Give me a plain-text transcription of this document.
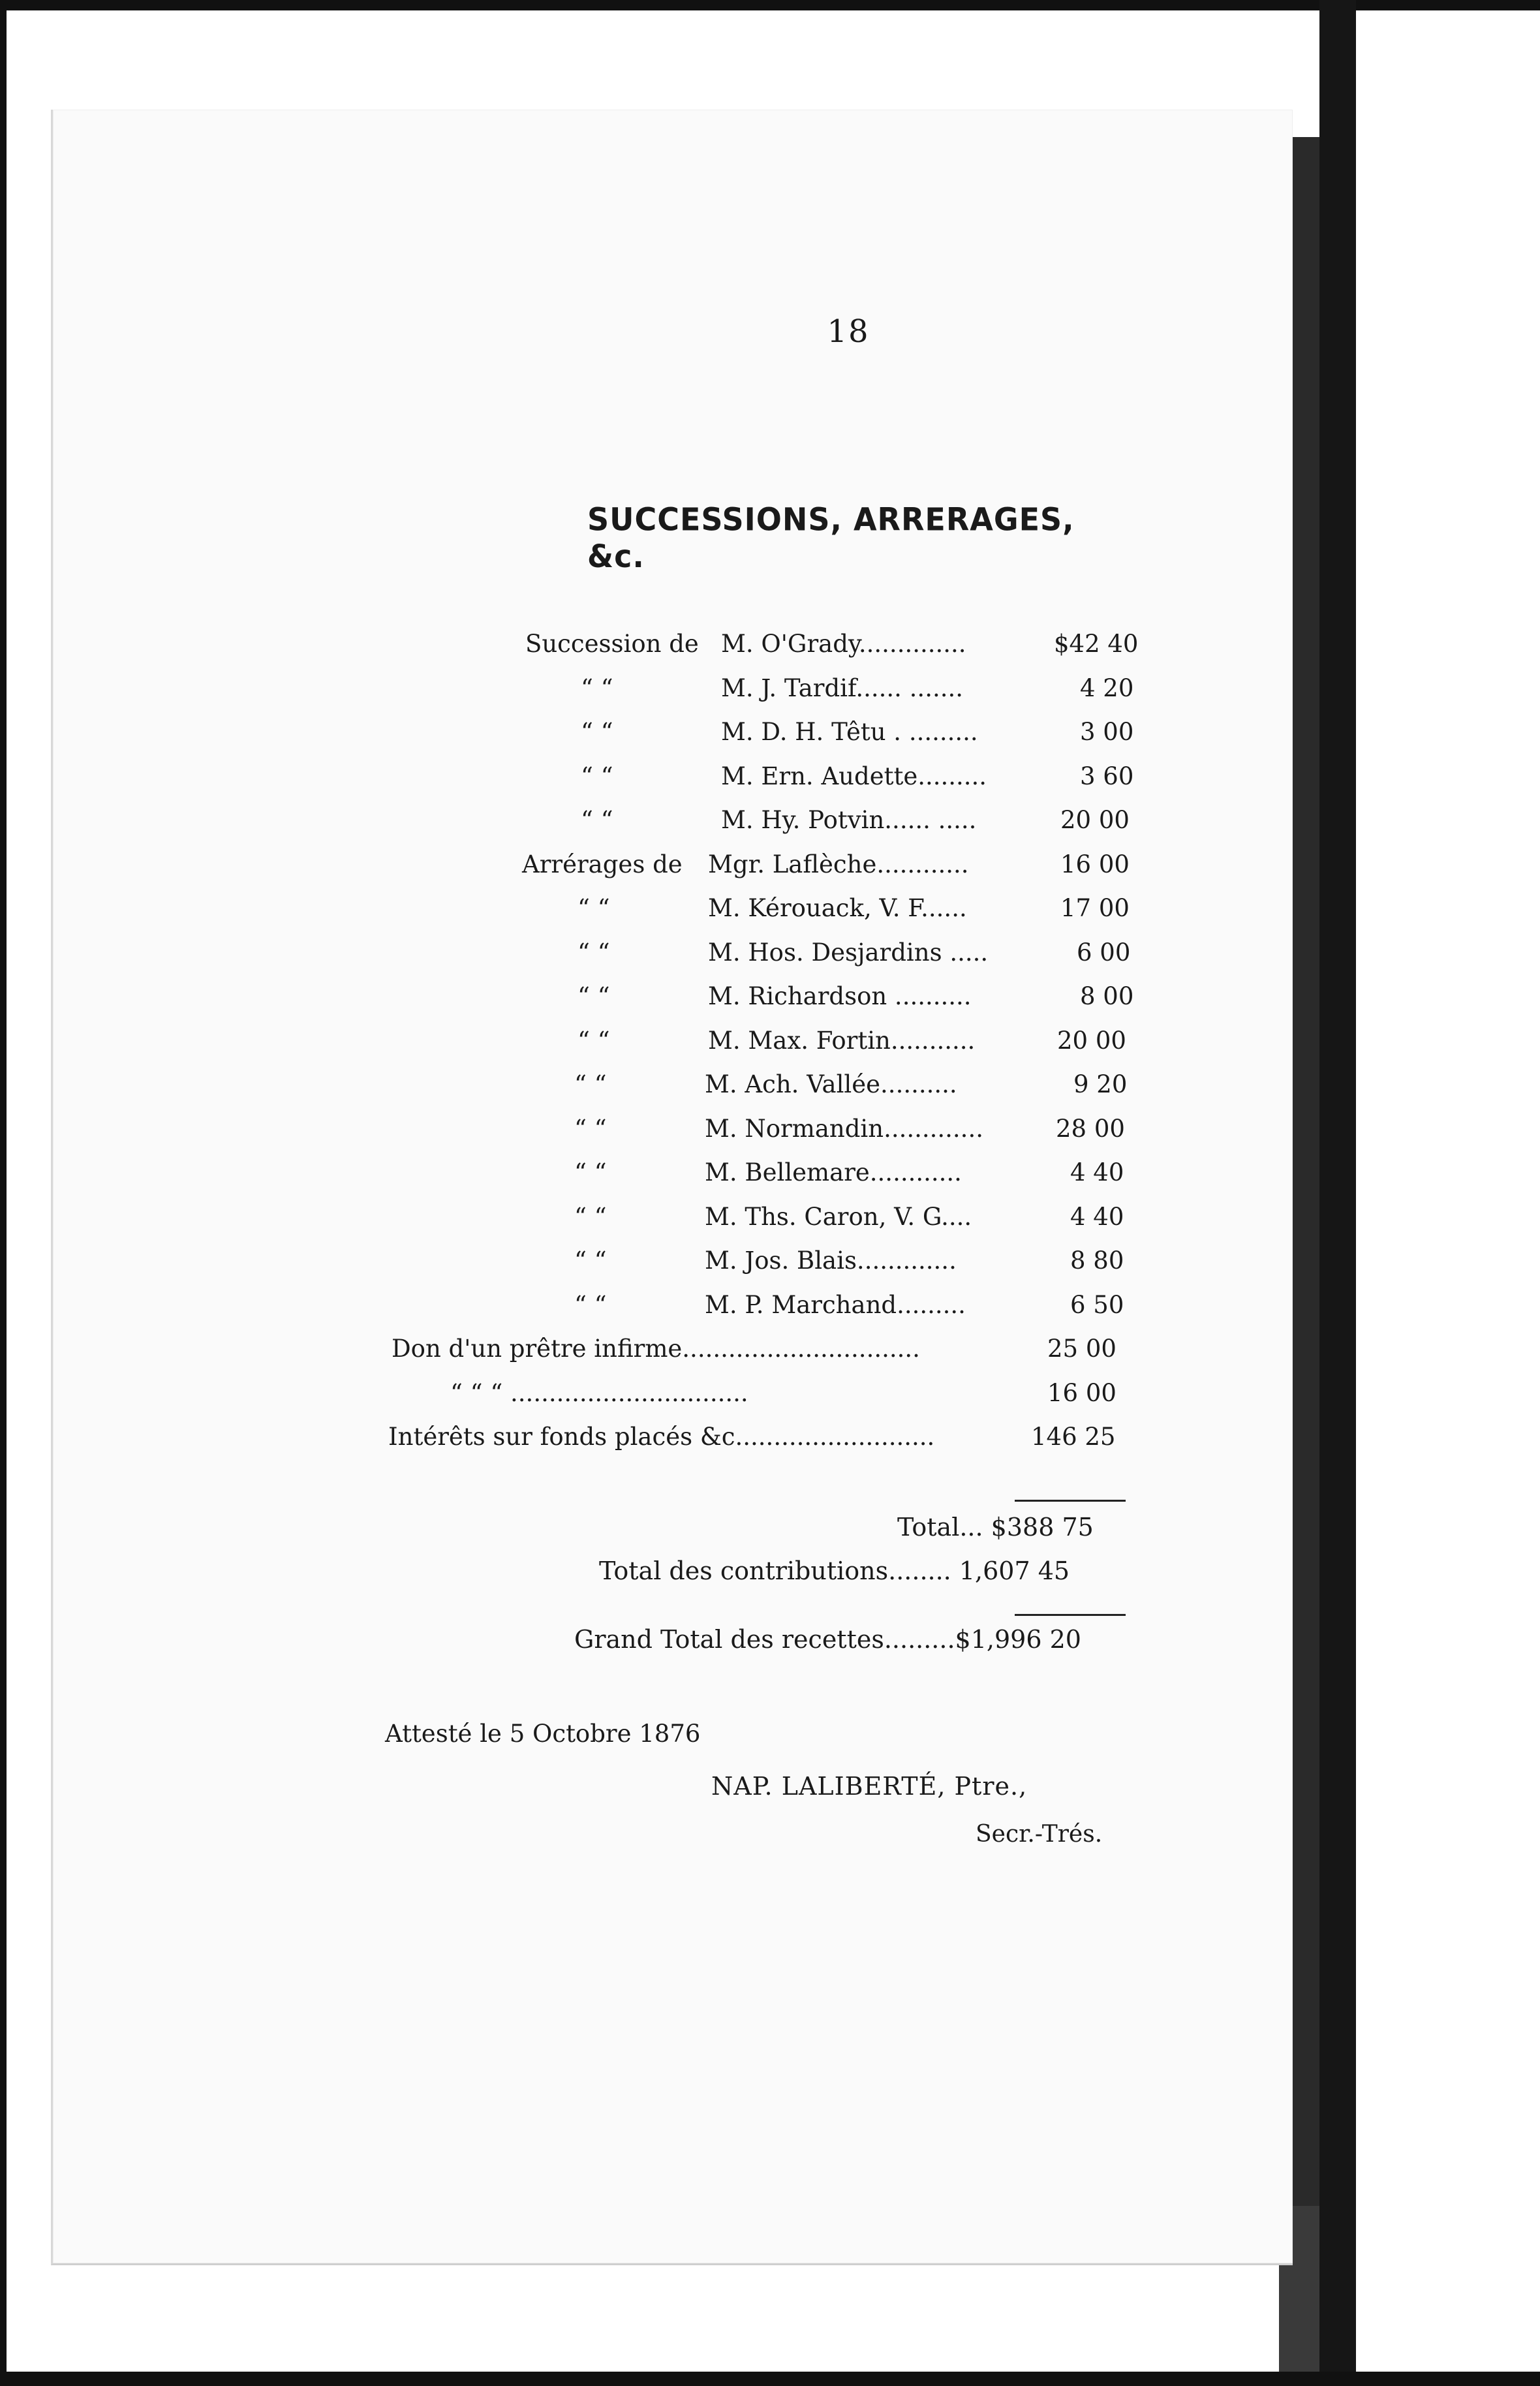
18
SUCCESSIONS, ARRERAGES, &c.
Succession de M. O'Grady..............	$42 40
“ “	M. J. Tardif...... .......	4 20
“ “	M. D. H. Têtu . .........	3 00
“ “	M. Ern. Audette.........	3 60
“ “	M. Hy. Potvin...... .....	20 00
Arrérages de Mgr. Laflèche............	16 00
“ “	M. Kérouack, V. F......	17 00
“ “	M. Hos. Desjardins .....	6 00
“ “	M. Richardson ..........	8 00
“ “	M. Max. Fortin...........	20 00
“ “	M. Ach. Vallée..........	9 20
“ “	M. Normandin.............	28 00
“ “	M. Bellemare............	4 40
“ “	M. Ths. Caron, V. G....	4 40
“ “	M. Jos. Blais.............	8 80
“ “	M. P. Marchand.........	6 50
Don d'un prêtre infirme...............................	25 00
“ “ “ ...............................	16 00
Intérêts sur fonds placés &c..........................	146 25
Total... $388 75
Total des contributions........ 1,607 45
Grand Total des recettes.........$1,996 20
Attesté le 5 Octobre 1876
NAP. LALIBERTÉ, Ptre.,
Secr.-Trés.
